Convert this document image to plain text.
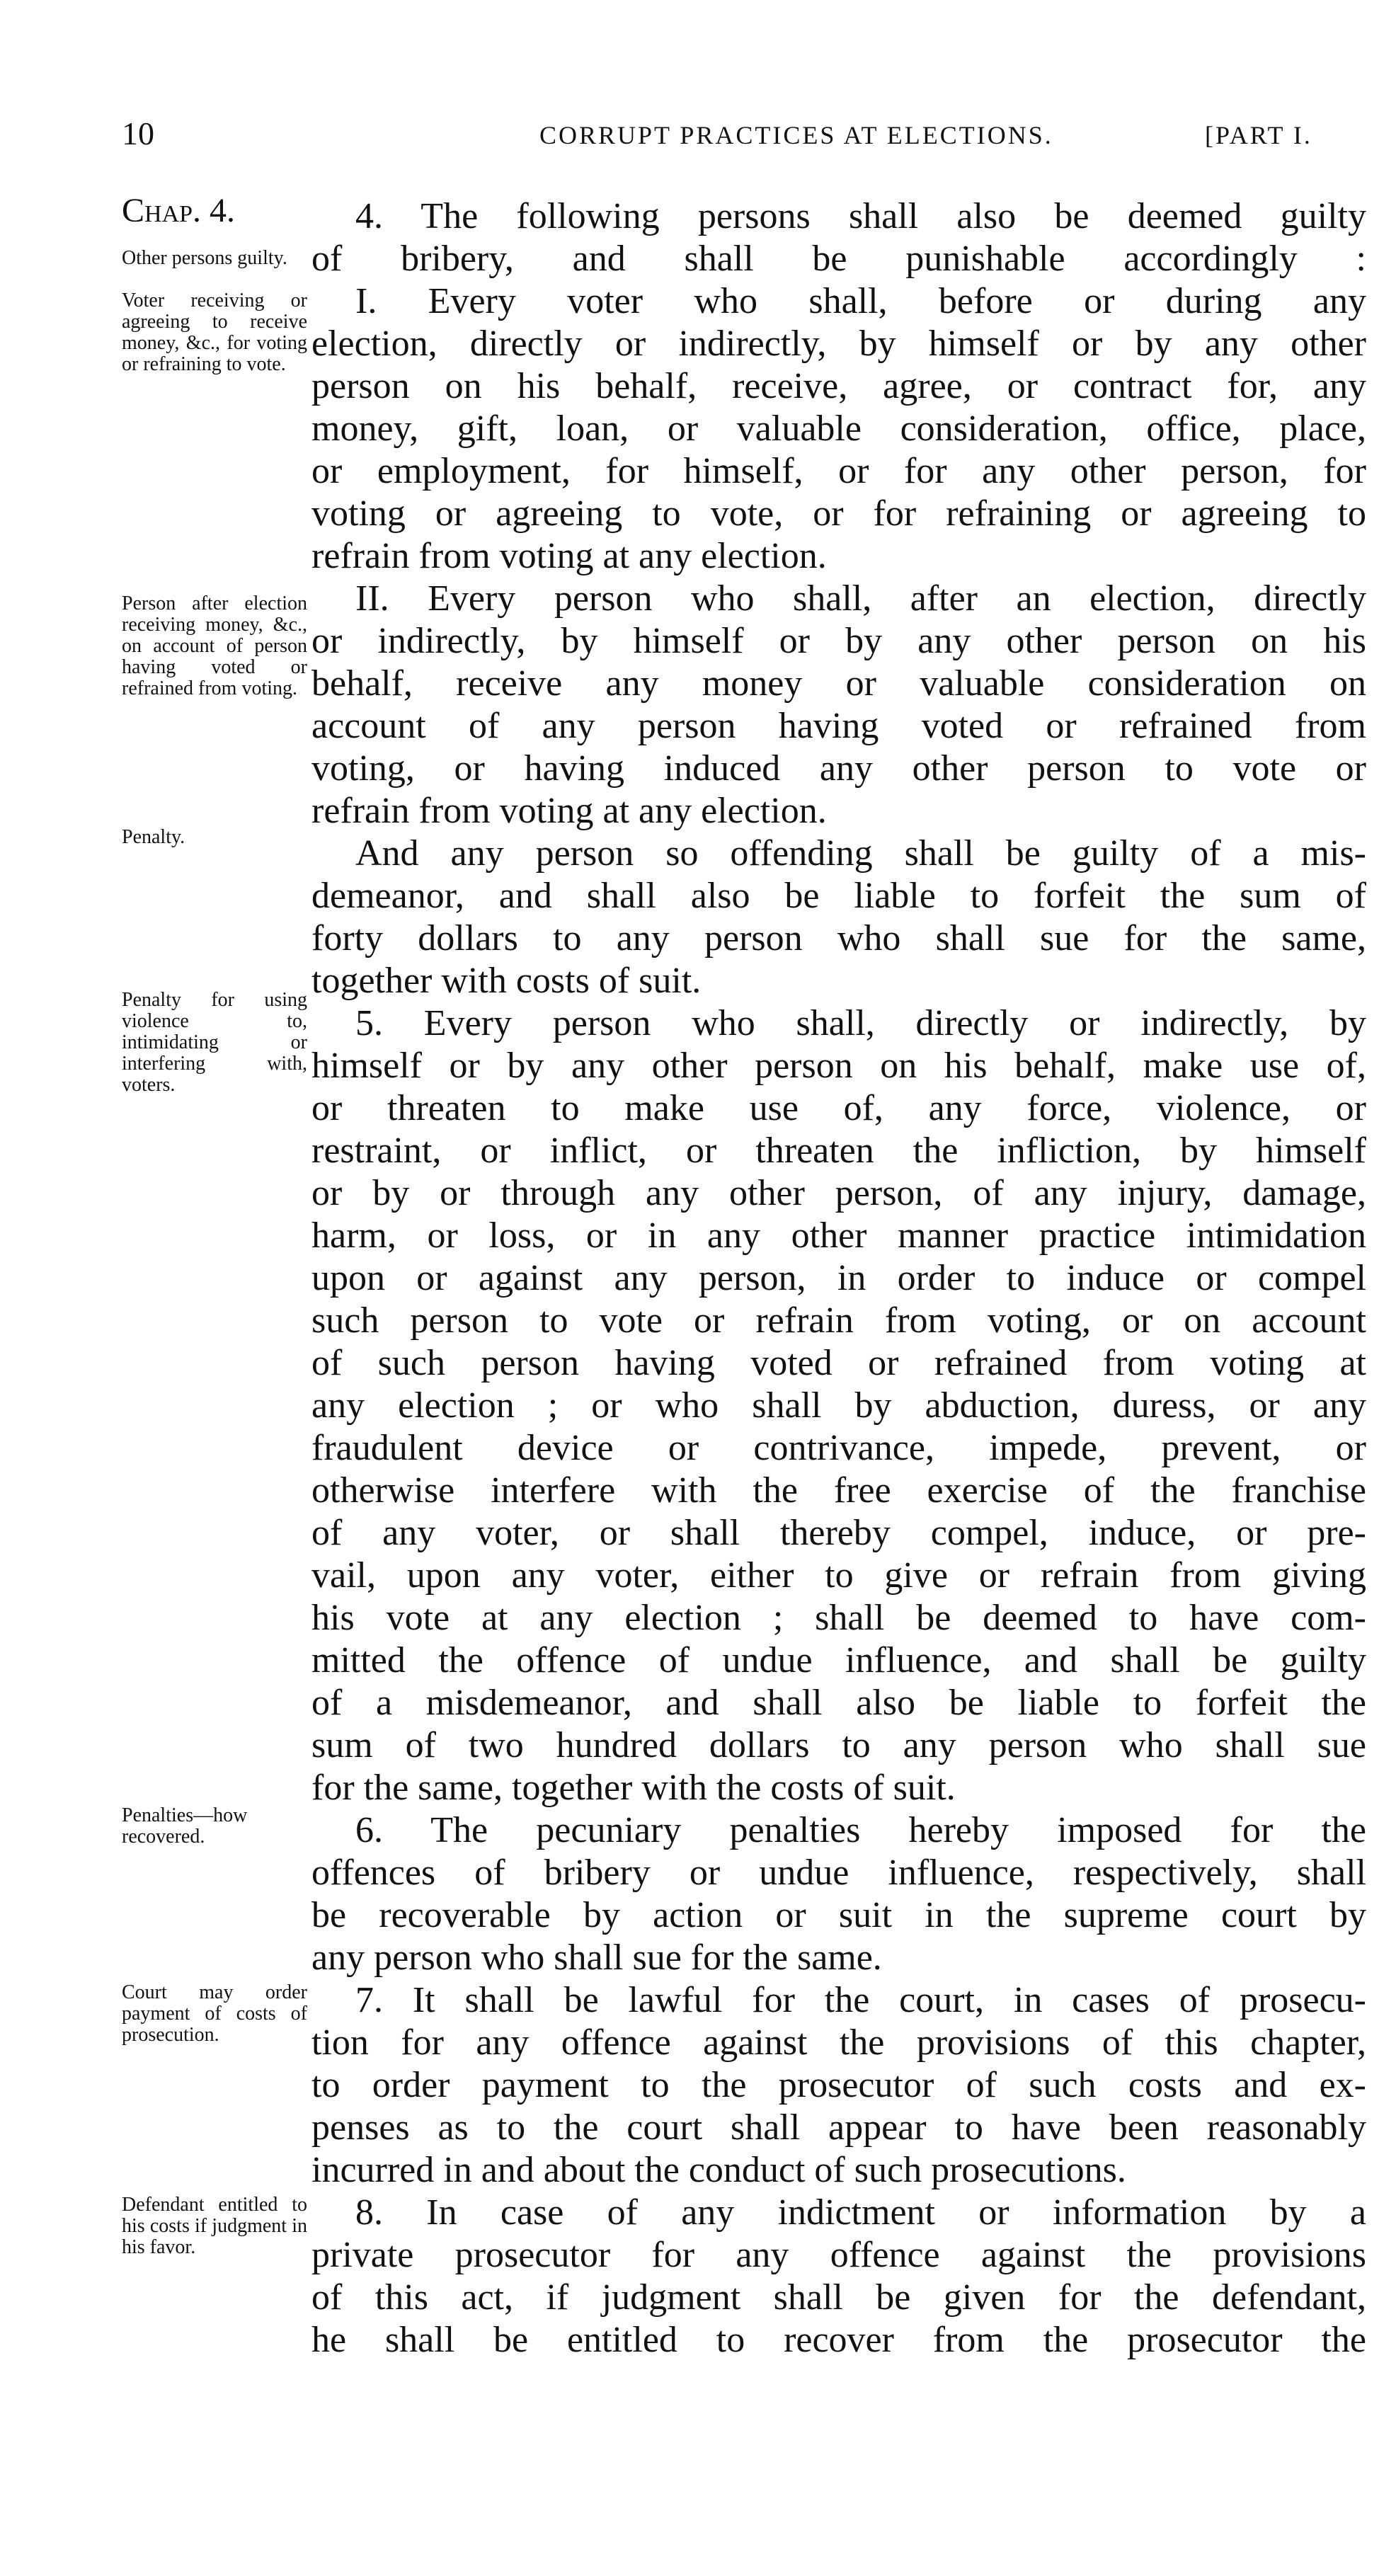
10	CORRUPT PRACTICES AT ELECTIONS.	[PART I.
Chap. 4.
Other persons guilty.
Voter receiving or agreeing to receive money, &c., for voting or refraining to vote.
Person after election receiving money, &c., on account of person having voted or refrained from voting.
Penalty.
Penalty for using violence to, intimidating or interfering with, voters.
Penalties—how recovered.
Court may order payment of costs of prosecution.
Defendant entitled to his costs if judgment in his favor.
4. The following persons shall also be deemed guilty
of bribery, and shall be punishable accordingly :
I. Every voter who shall, before or during any
election, directly or indirectly, by himself or by any other
person on his behalf, receive, agree, or contract for, any
money, gift, loan, or valuable consideration, office, place,
or employment, for himself, or for any other person, for
voting or agreeing to vote, or for refraining or agreeing to
refrain from voting at any election.
II. Every person who shall, after an election, directly
or indirectly, by himself or by any other person on his
behalf, receive any money or valuable consideration on
account of any person having voted or refrained from
voting, or having induced any other person to vote or
refrain from voting at any election.
And any person so offending shall be guilty of a mis-
demeanor, and shall also be liable to forfeit the sum of
forty dollars to any person who shall sue for the same,
together with costs of suit.
5. Every person who shall, directly or indirectly, by
himself or by any other person on his behalf, make use of,
or threaten to make use of, any force, violence, or
restraint, or inflict, or threaten the infliction, by himself
or by or through any other person, of any injury, damage,
harm, or loss, or in any other manner practice intimidation
upon or against any person, in order to induce or compel
such person to vote or refrain from voting, or on account
of such person having voted or refrained from voting at
any election ; or who shall by abduction, duress, or any
fraudulent device or contrivance, impede, prevent, or
otherwise interfere with the free exercise of the franchise
of any voter, or shall thereby compel, induce, or pre-
vail, upon any voter, either to give or refrain from giving
his vote at any election ; shall be deemed to have com-
mitted the offence of undue influence, and shall be guilty
of a misdemeanor, and shall also be liable to forfeit the
sum of two hundred dollars to any person who shall sue
for the same, together with the costs of suit.
6. The pecuniary penalties hereby imposed for the
offences of bribery or undue influence, respectively, shall
be recoverable by action or suit in the supreme court by
any person who shall sue for the same.
7. It shall be lawful for the court, in cases of prosecu-
tion for any offence against the provisions of this chapter,
to order payment to the prosecutor of such costs and ex-
penses as to the court shall appear to have been reasonably
incurred in and about the conduct of such prosecutions.
8. In case of any indictment or information by a
private prosecutor for any offence against the provisions
of this act, if judgment shall be given for the defendant,
he shall be entitled to recover from the prosecutor the
